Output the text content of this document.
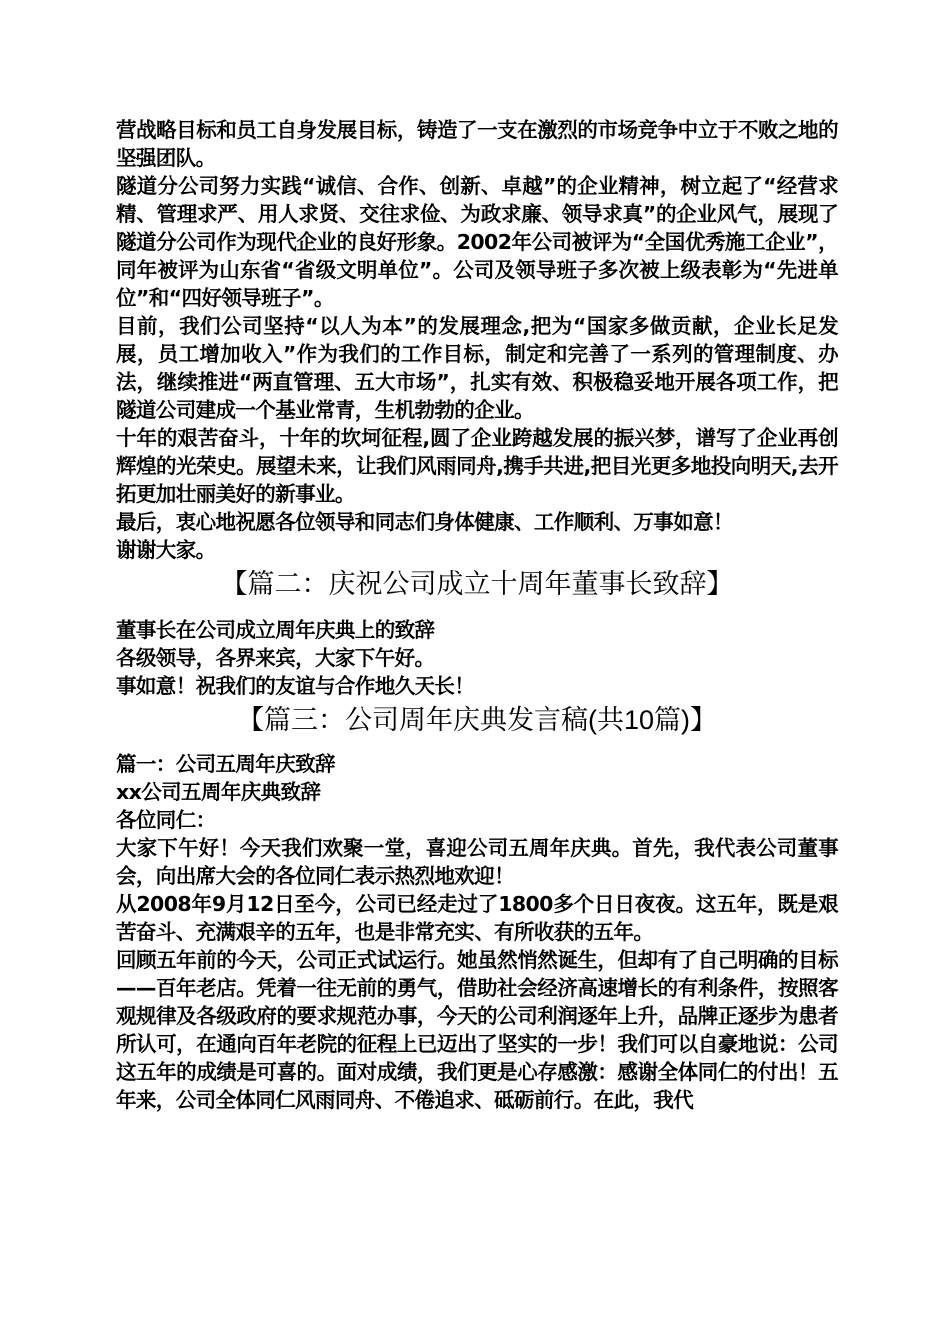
营战略目标和员工自身发展目标，铸造了一支在激烈的市场竞争中立于不败之地的坚强团队。

隧道分公司努力实践“诚信、合作、创新、卓越”的企业精神，树立起了“经营求精、管理求严、用人求贤、交往求俭、为政求廉、领导求真”的企业风气，展现了隧道分公司作为现代企业的良好形象。2002年公司被评为“全国优秀施工企业”，同年被评为山东省“省级文明单位”。公司及领导班子多次被上级表彰为“先进单位”和“四好领导班子”。

目前，我们公司坚持“以人为本”的发展理念,把为“国家多做贡献，企业长足发展，员工增加收入”作为我们的工作目标，制定和完善了一系列的管理制度、办法，继续推进“两直管理、五大市场”，扎实有效、积极稳妥地开展各项工作，把隧道公司建成一个基业常青，生机勃勃的企业。

十年的艰苦奋斗，十年的坎坷征程,圆了企业跨越发展的振兴梦，谱写了企业再创辉煌的光荣史。展望未来，让我们风雨同舟,携手共进,把目光更多地投向明天,去开拓更加壮丽美好的新事业。

最后，衷心地祝愿各位领导和同志们身体健康、工作顺利、万事如意！

谢谢大家。

【篇二：庆祝公司成立十周年董事长致辞】

董事长在公司成立周年庆典上的致辞

各级领导，各界来宾，大家下午好。

事如意！祝我们的友谊与合作地久天长！

【篇三：公司周年庆典发言稿(共10篇)】

篇一：公司五周年庆致辞

xx公司五周年庆典致辞

各位同仁：

大家下午好！今天我们欢聚一堂，喜迎公司五周年庆典。首先，我代表公司董事会，向出席大会的各位同仁表示热烈地欢迎！

从2008年9月12日至今，公司已经走过了1800多个日日夜夜。这五年，既是艰苦奋斗、充满艰辛的五年，也是非常充实、有所收获的五年。

回顾五年前的今天，公司正式试运行。她虽然悄然诞生，但却有了自己明确的目标——百年老店。凭着一往无前的勇气，借助社会经济高速增长的有利条件，按照客观规律及各级政府的要求规范办事，今天的公司利润逐年上升，品牌正逐步为患者所认可，在通向百年老院的征程上已迈出了坚实的一步！我们可以自豪地说：公司这五年的成绩是可喜的。面对成绩，我们更是心存感激：感谢全体同仁的付出！五年来，公司全体同仁风雨同舟、不倦追求、砥砺前行。在此，我代
